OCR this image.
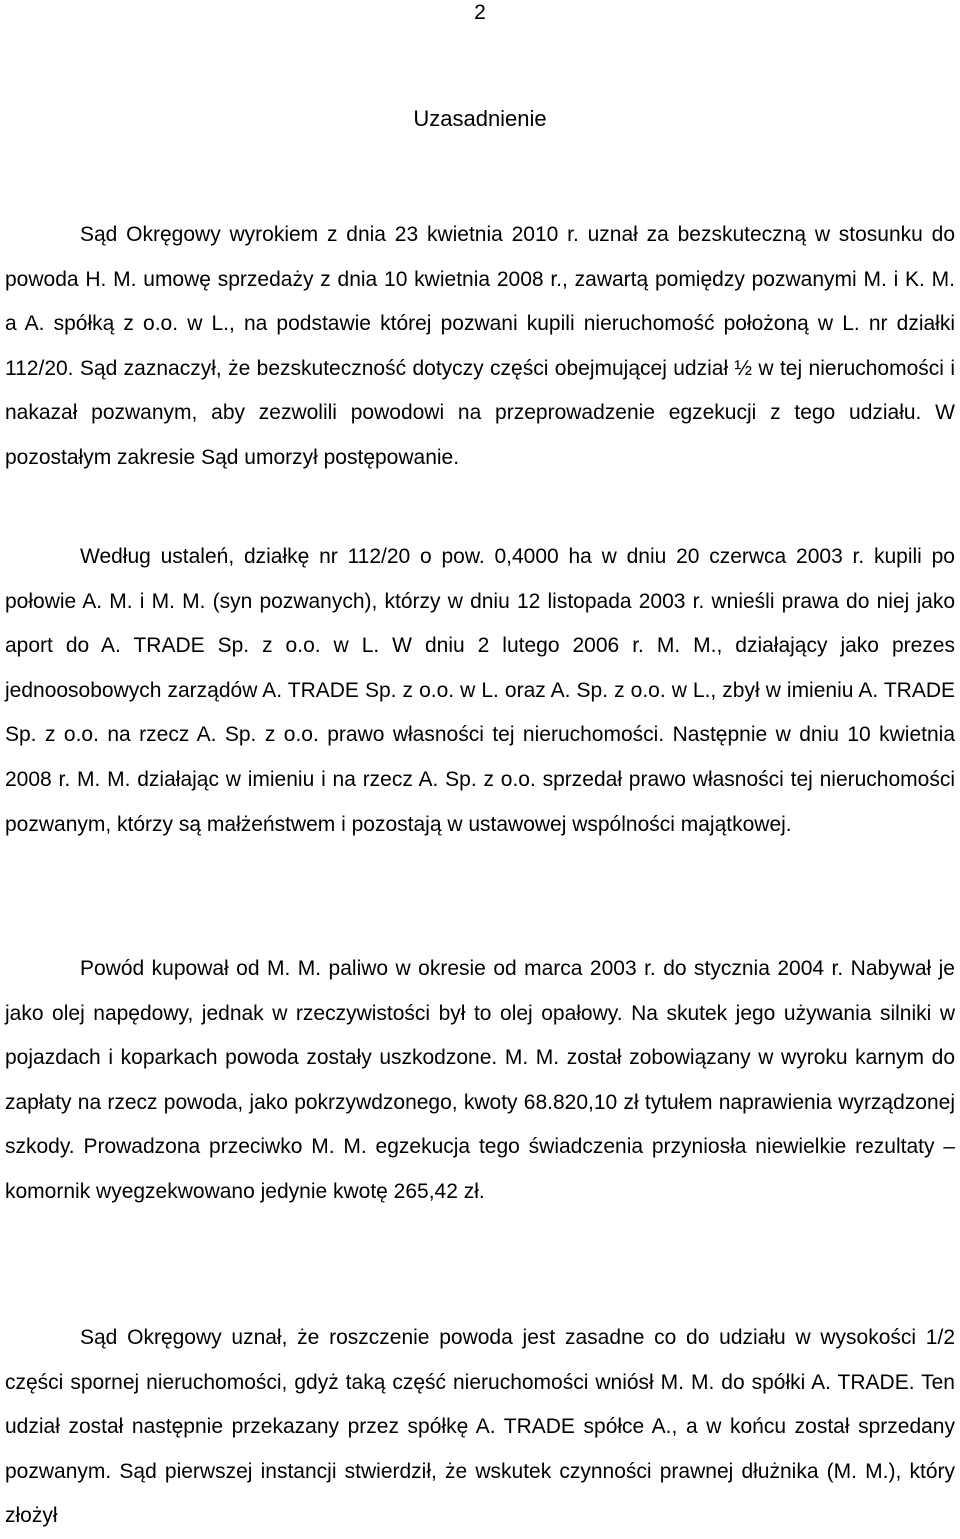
2
Uzasadnienie

Sąd Okręgowy wyrokiem z dnia 23 kwietnia 2010 r. uznał za bezskuteczną w stosunku do powoda H. M. umowę sprzedaży z dnia 10 kwietnia 2008 r., zawartą pomiędzy pozwanymi M. i K. M. a A. spółką z o.o. w L., na podstawie której pozwani kupili nieruchomość położoną w L. nr działki 112/20. Sąd zaznaczył, że bezskuteczność dotyczy części obejmującej udział ½ w tej nieruchomości i nakazał pozwanym, aby zezwolili powodowi na przeprowadzenie egzekucji z tego udziału. W pozostałym zakresie Sąd umorzył postępowanie.

Według ustaleń, działkę nr 112/20 o pow. 0,4000 ha w dniu 20 czerwca 2003 r. kupili po połowie A. M. i M. M. (syn pozwanych), którzy w dniu 12 listopada 2003 r. wnieśli prawa do niej jako aport do A. TRADE Sp. z o.o. w L. W dniu 2 lutego 2006 r. M. M., działający jako prezes jednoosobowych zarządów A. TRADE Sp. z o.o. w L. oraz A. Sp. z o.o. w L., zbył w imieniu A. TRADE Sp. z o.o. na rzecz A. Sp. z o.o. prawo własności tej nieruchomości. Następnie w dniu 10 kwietnia 2008 r. M. M. działając w imieniu i na rzecz A. Sp. z o.o. sprzedał prawo własności tej nieruchomości pozwanym, którzy są małżeństwem i pozostają w ustawowej wspólności majątkowej.

Powód kupował od M. M. paliwo w okresie od marca 2003 r. do stycznia 2004 r. Nabywał je jako olej napędowy, jednak w rzeczywistości był to olej opałowy. Na skutek jego używania silniki w pojazdach i koparkach powoda zostały uszkodzone. M. M. został zobowiązany w wyroku karnym do zapłaty na rzecz powoda, jako pokrzywdzonego, kwoty 68.820,10 zł tytułem naprawienia wyrządzonej szkody. Prowadzona przeciwko M. M. egzekucja tego świadczenia przyniosła niewielkie rezultaty – komornik wyegzekwowano jedynie kwotę 265,42 zł.

Sąd Okręgowy uznał, że roszczenie powoda jest zasadne co do udziału w wysokości 1/2 części spornej nieruchomości, gdyż taką część nieruchomości wniósł M. M. do spółki A. TRADE. Ten udział został następnie przekazany przez spółkę A. TRADE spółce A., a w końcu został sprzedany pozwanym. Sąd pierwszej instancji stwierdził, że wskutek czynności prawnej dłużnika (M. M.), który złożył
